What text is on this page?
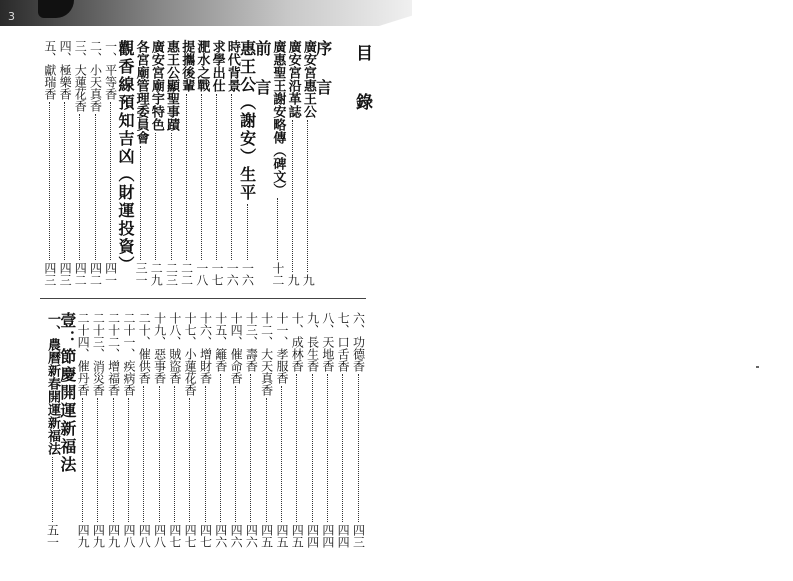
3
目 錄
序 言
廣安宮惠王公
九
廣安宮沿革誌
九
廣惠聖王謝安略傳（碑文）
十二
前 言
惠王公（謝安）生平
一六
時代背景
一六
求學出仕
一七
淝水之戰
一八
提攜後輩
二二
惠王公顯聖事蹟
二三
廣安宮廟宇特色
二九
各宮廟管理委員會
三一
觀香線預知吉凶（財運投資）
一、平等香
四一
二、小天真香
四二
三、大蓮花香
四二
四、極樂香
四三
五、獻瑞香
四三
六、功德香
四三
七、口舌香
四四
八、天地香
四四
九、長生香
四四
十、成林香
四五
十一、孝服香
四五
十二、大天真香
四五
十三、壽香
四六
十四、催命香
四六
十五、籬香
四六
十六、增財香
四七
十七、小蓮花香
四七
十八、賊盜香
四七
十九、惡事香
四八
二十、催供香
四八
二十一、疾病香
四八
二十二、增福香
四九
二十三、消災香
四九
二十四、催丹香
四九
壹：節慶開運新福法
一、農曆新春開運新福法
五一
